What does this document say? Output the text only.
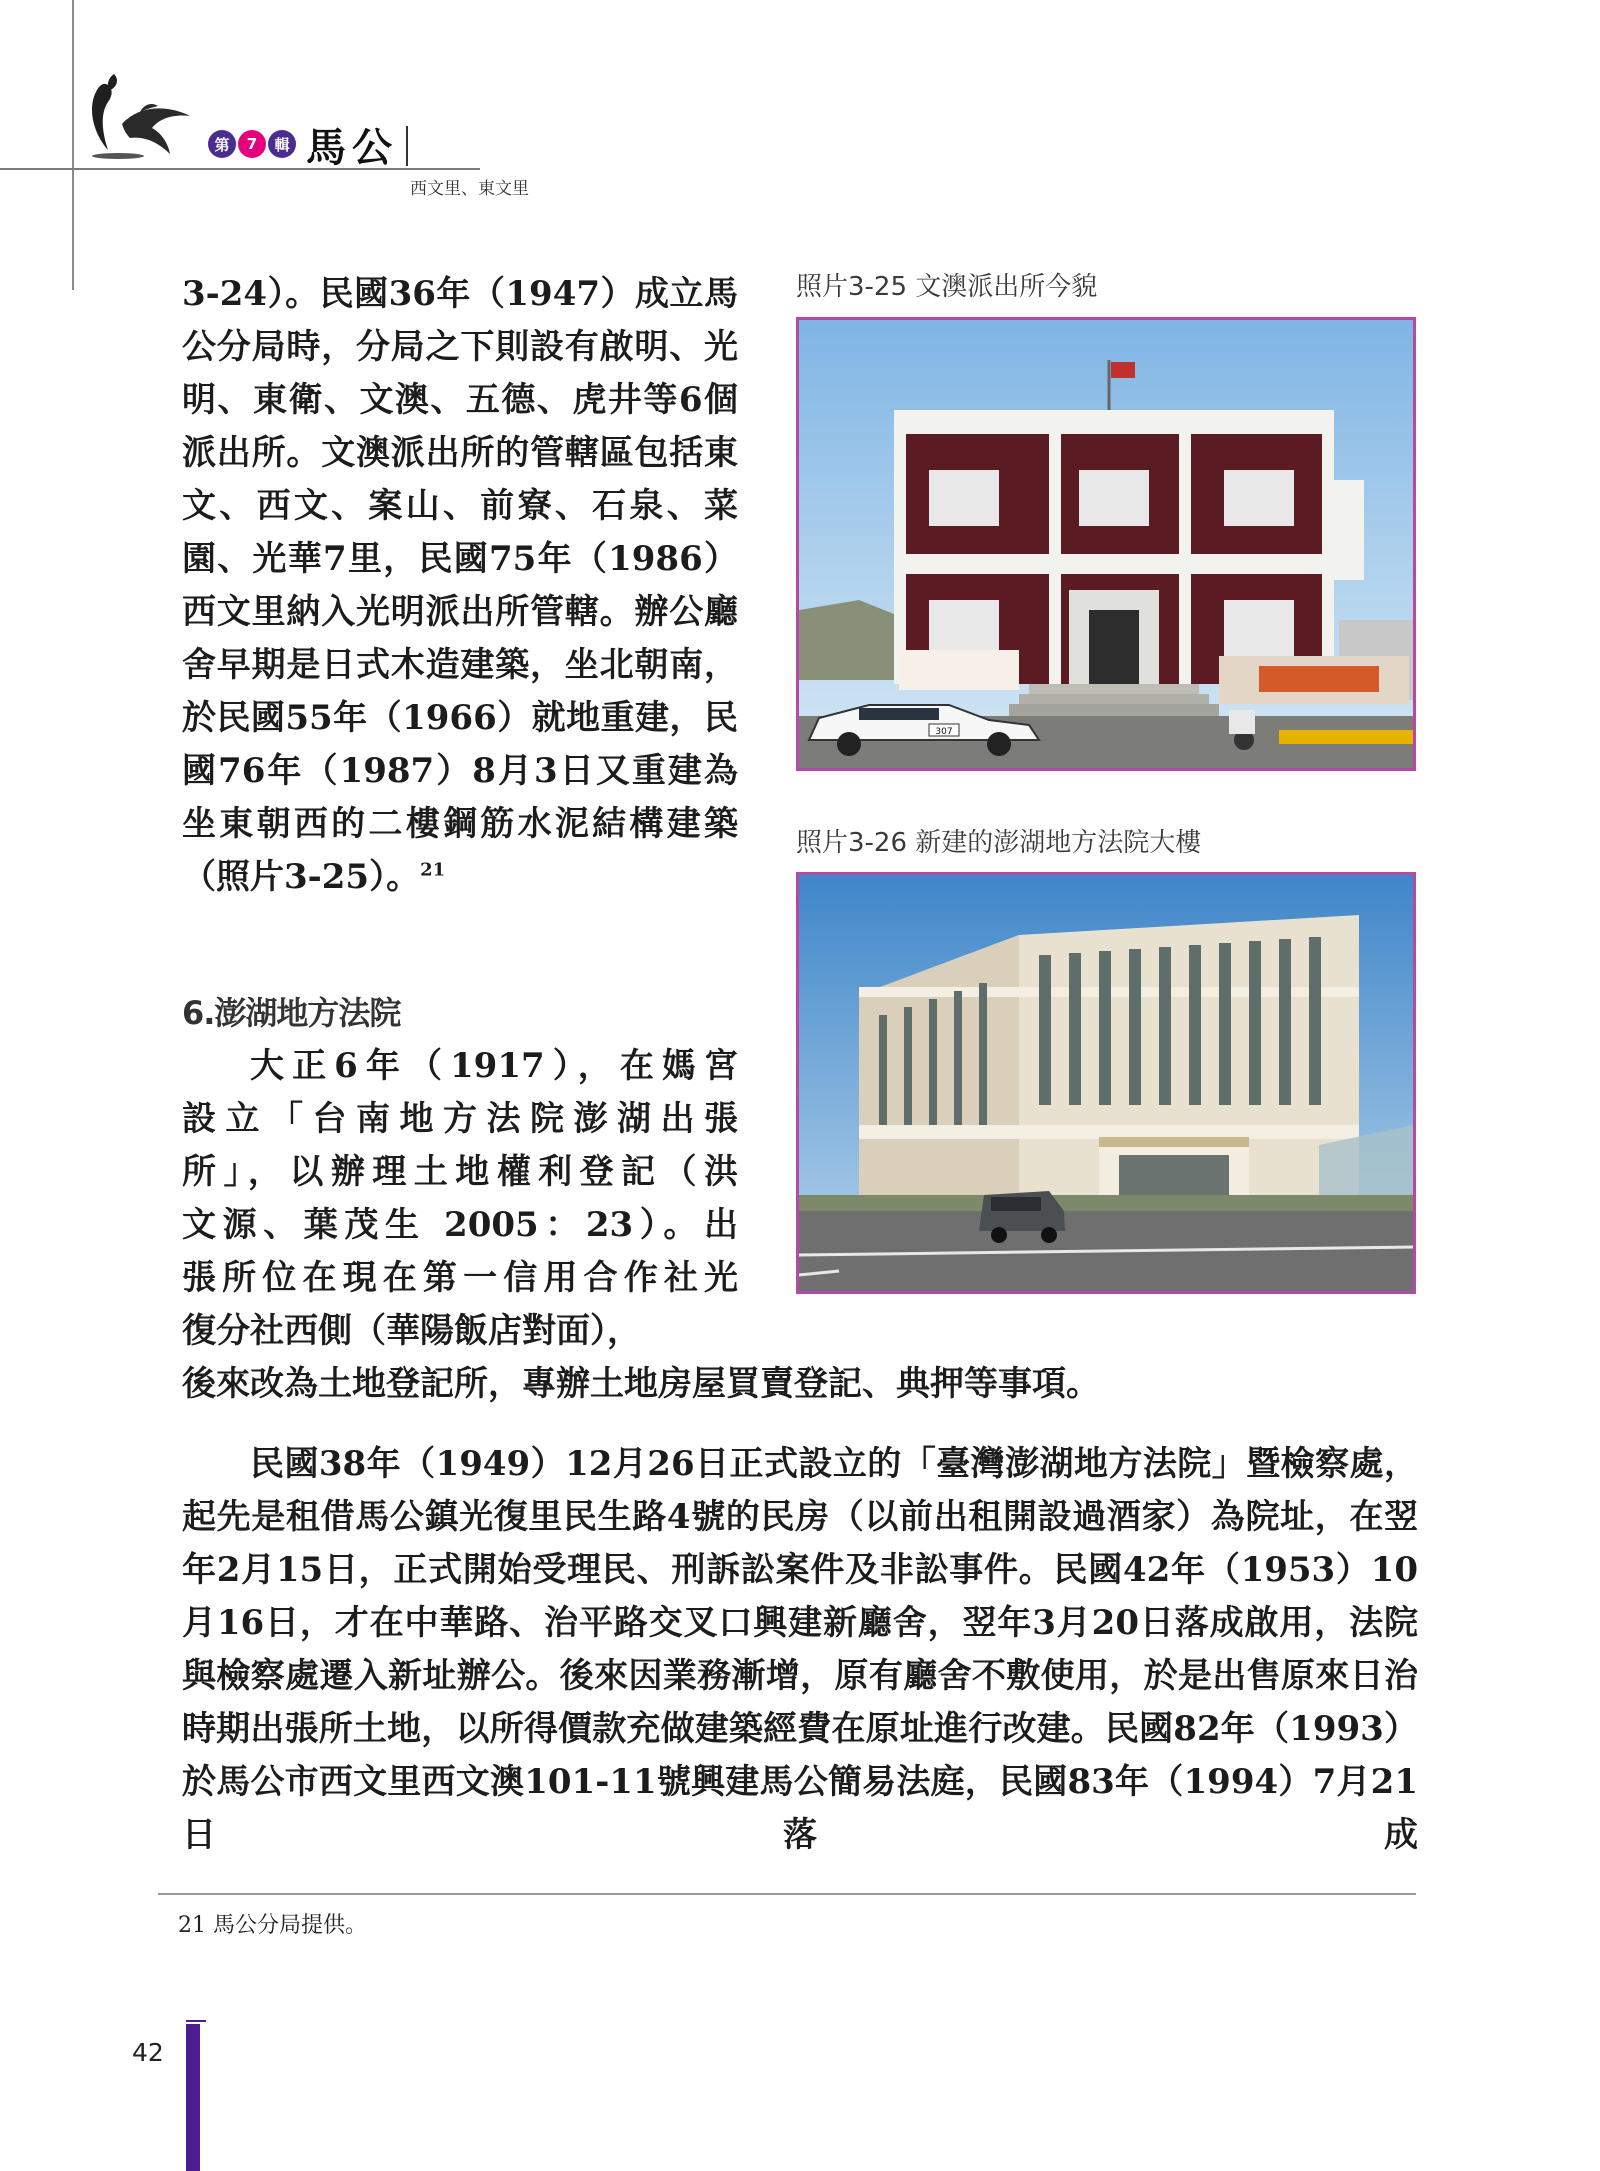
第	7	輯 馬公
西文里、東文里

3-24）。民國36年（1947）成立馬公分局時，分局之下則設有啟明、光明、東衛、文澳、五德、虎井等6個派出所。文澳派出所的管轄區包括東文、西文、案山、前寮、石泉、菜園、光華7里，民國75年（1986）西文里納入光明派出所管轄。辦公廳舍早期是日式木造建築，坐北朝南，於民國55年（1966）就地重建，民國76年（1987）8月3日又重建為坐東朝西的二樓鋼筋水泥結構建築（照片3-25）。$^{21}$

6.澎湖地方法院
大正6年（1917），在媽宮
設立「台南地方法院澎湖出張
所」，以辦理土地權利登記（洪
文源、葉茂生 2005：23）。出
張所位在現在第一信用合作社光
復分社西側（華陽飯店對面），
後來改為土地登記所，專辦土地房屋買賣登記、典押等事項。

民國38年（1949）12月26日正式設立的「臺灣澎湖地方法院」暨檢察處，起先是租借馬公鎮光復里民生路4號的民房（以前出租開設過酒家）為院址，在翌年2月15日，正式開始受理民、刑訴訟案件及非訟事件。民國42年（1953）10月16日，才在中華路、治平路交叉口興建新廳舍，翌年3月20日落成啟用，法院與檢察處遷入新址辦公。後來因業務漸增，原有廳舍不敷使用，於是出售原來日治時期出張所土地，以所得價款充做建築經費在原址進行改建。民國82年（1993）於馬公市西文里西文澳101-11號興建馬公簡易法庭，民國83年（1994）7月21日落成

照片3-25 文澳派出所今貌
307
照片3-26 新建的澎湖地方法院大樓
21 馬公分局提供。
42
